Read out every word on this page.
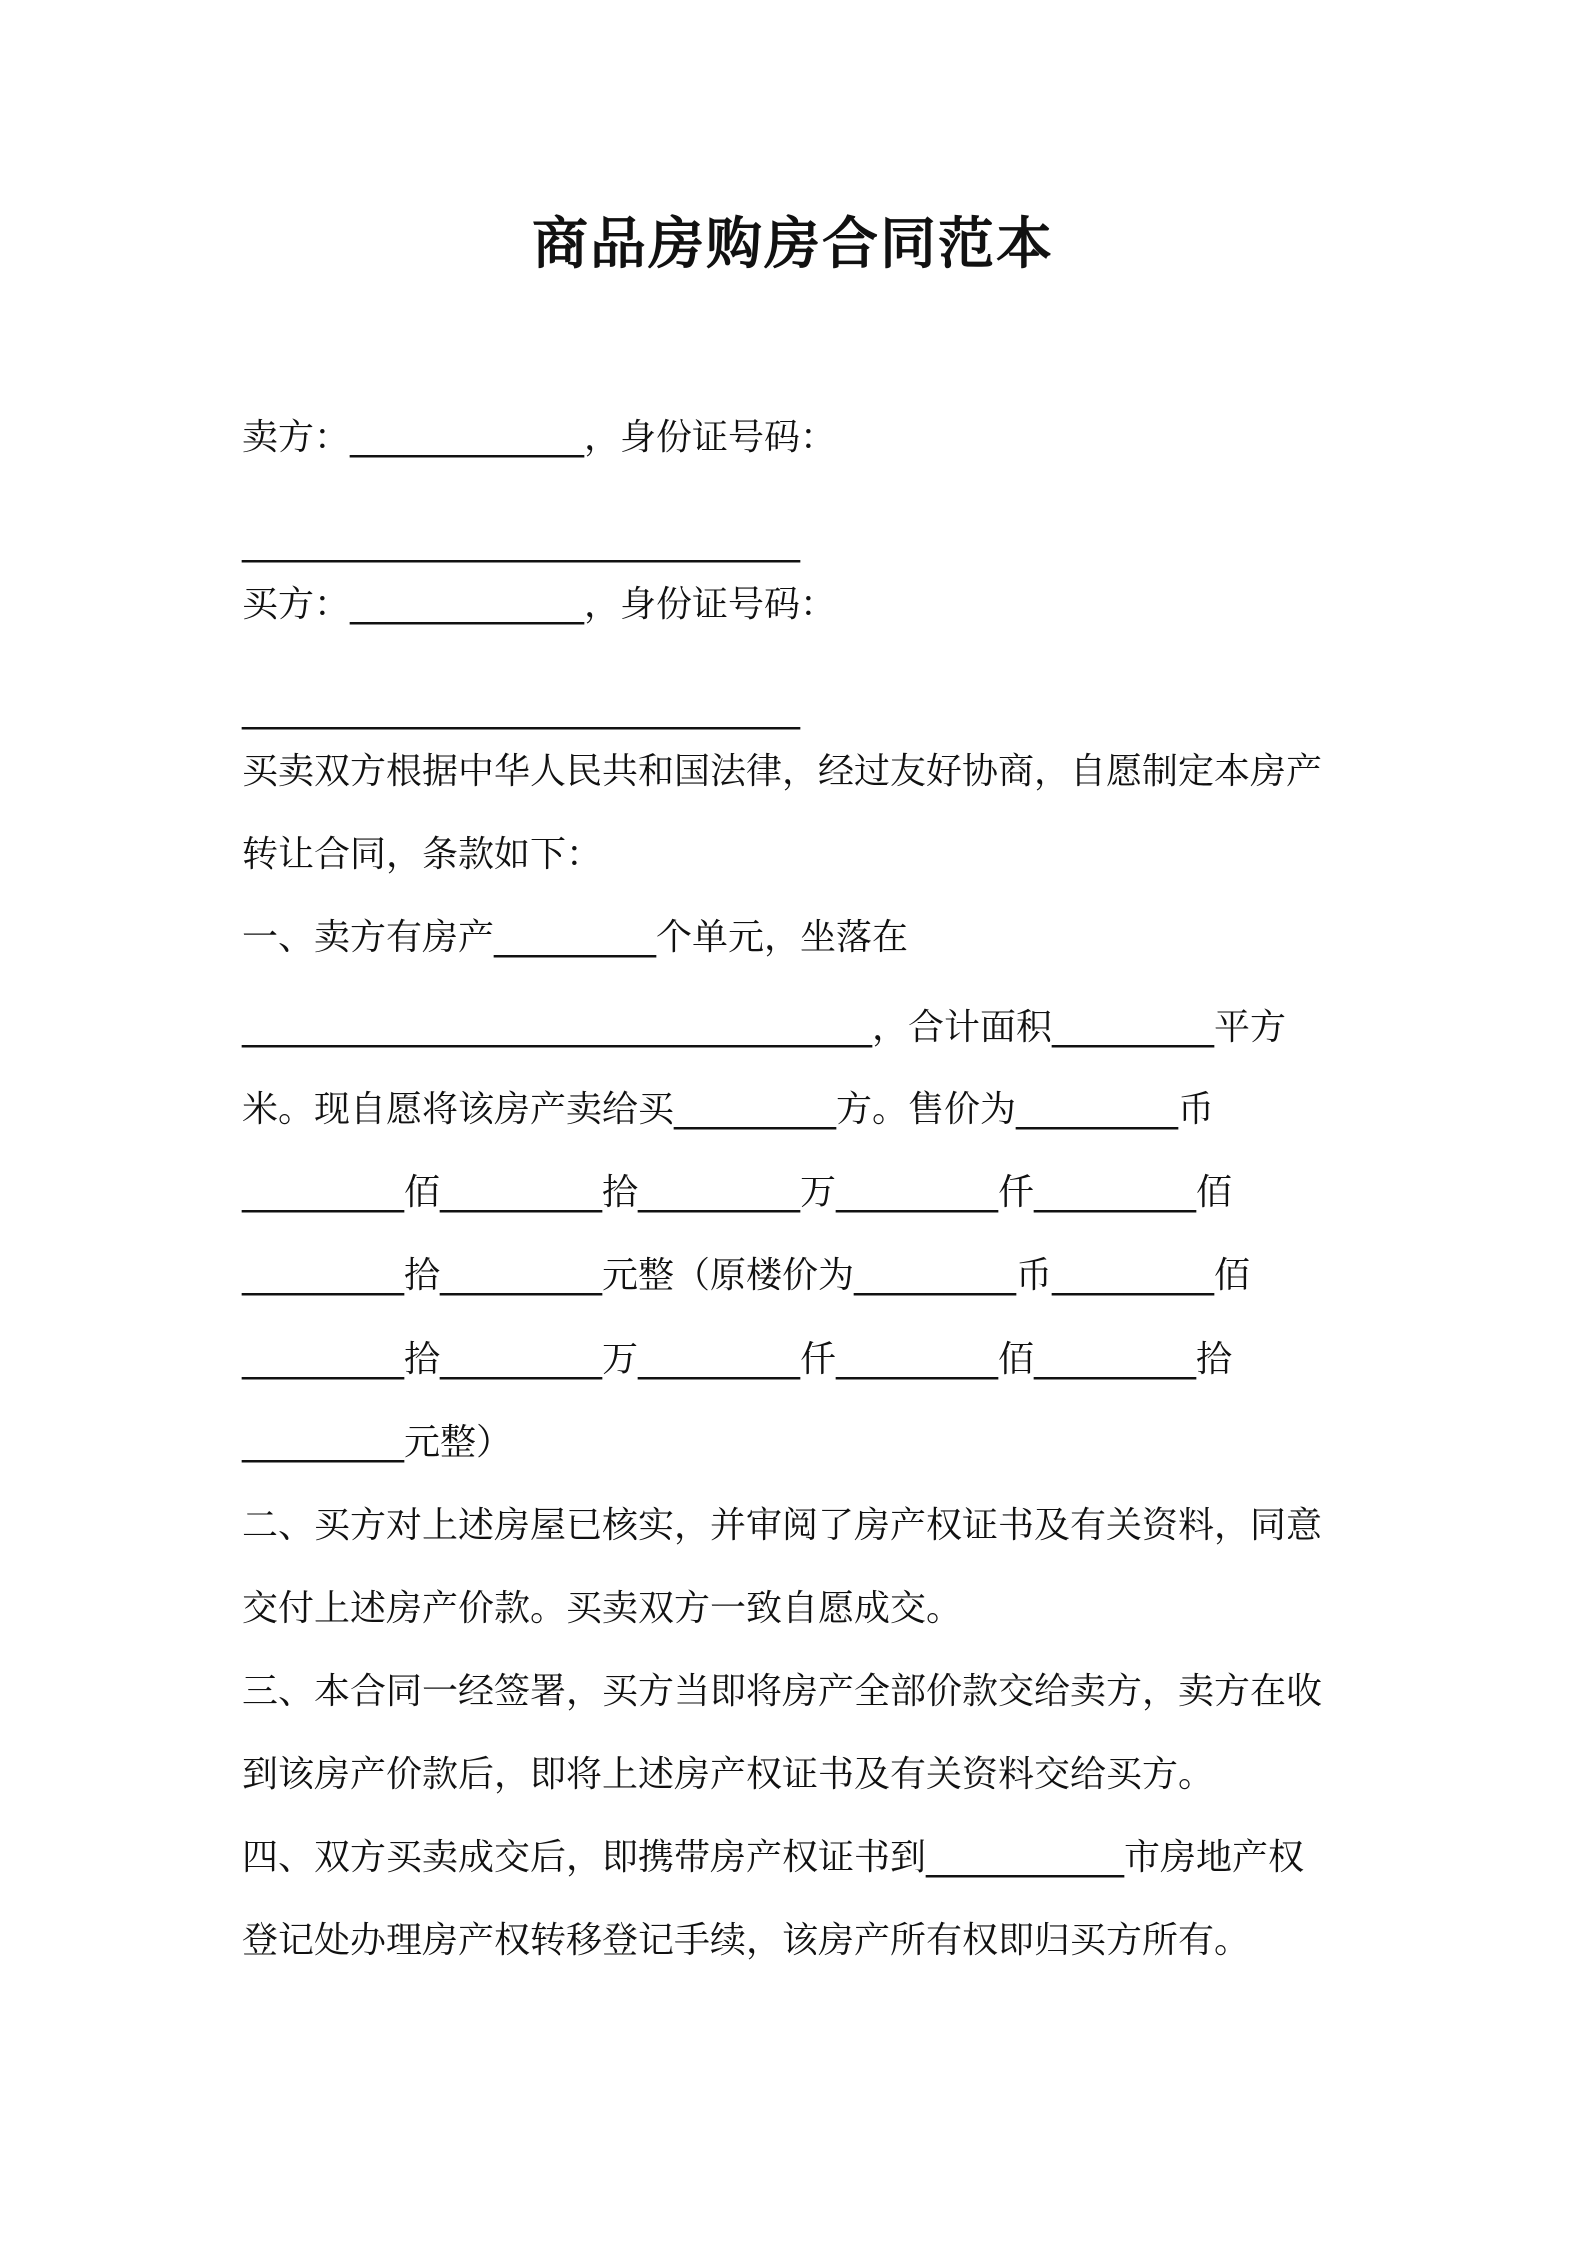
商品房购房合同范本
卖方：_____________，身份证号码：
_______________________________
买方：_____________，身份证号码：
_______________________________
买卖双方根据中华人民共和国法律，经过友好协商，自愿制定本房产
转让合同，条款如下：
一、卖方有房产_________个单元，坐落在
___________________________________，合计面积_________平方
米。现自愿将该房产卖给买_________方。售价为_________币
_________佰_________拾_________万_________仟_________佰
_________拾_________元整（原楼价为_________币_________佰
_________拾_________万_________仟_________佰_________拾
_________元整）
二、买方对上述房屋已核实，并审阅了房产权证书及有关资料，同意
交付上述房产价款。买卖双方一致自愿成交。
三、本合同一经签署，买方当即将房产全部价款交给卖方，卖方在收
到该房产价款后，即将上述房产权证书及有关资料交给买方。
四、双方买卖成交后，即携带房产权证书到___________市房地产权
登记处办理房产权转移登记手续，该房产所有权即归买方所有。
